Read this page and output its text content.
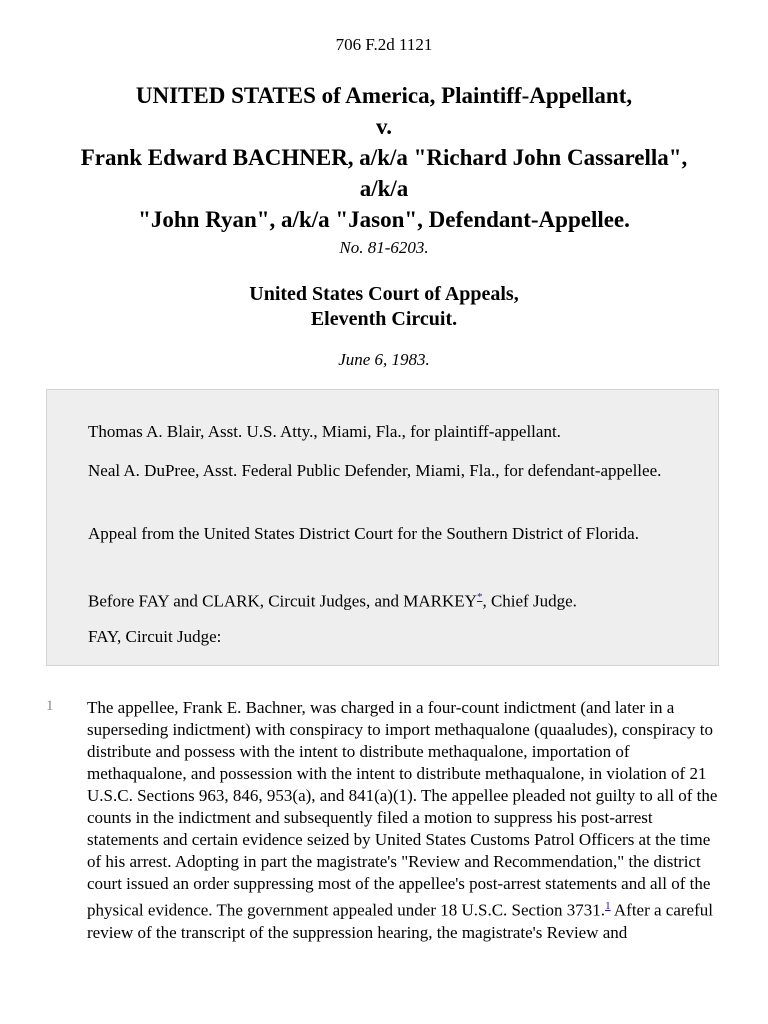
706 F.2d 1121
UNITED STATES of America, Plaintiff-Appellant,
v.
Frank Edward BACHNER, a/k/a "Richard John Cassarella",
a/k/a
"John Ryan", a/k/a "Jason", Defendant-Appellee.
No. 81-6203.
United States Court of Appeals,
Eleventh Circuit.
June 6, 1983.

Thomas A. Blair, Asst. U.S. Atty., Miami, Fla., for plaintiff-appellant.

Neal A. DuPree, Asst. Federal Public Defender, Miami, Fla., for defendant-appellee.

Appeal from the United States District Court for the Southern District of Florida.

Before FAY and CLARK, Circuit Judges, and MARKEY*, Chief Judge.

FAY, Circuit Judge:

1 The appellee, Frank E. Bachner, was charged in a four-count indictment (and later in a superseding indictment) with conspiracy to import methaqualone (quaaludes), conspiracy to distribute and possess with the intent to distribute methaqualone, importation of methaqualone, and possession with the intent to distribute methaqualone, in violation of 21 U.S.C. Sections 963, 846, 953(a), and 841(a)(1). The appellee pleaded not guilty to all of the counts in the indictment and subsequently filed a motion to suppress his post-arrest statements and certain evidence seized by United States Customs Patrol Officers at the time of his arrest. Adopting in part the magistrate's "Review and Recommendation," the district court issued an order suppressing most of the appellee's post-arrest statements and all of the physical evidence. The government appealed under 18 U.S.C. Section 3731.$^1$ After a careful review of the transcript of the suppression hearing, the magistrate's Review and
